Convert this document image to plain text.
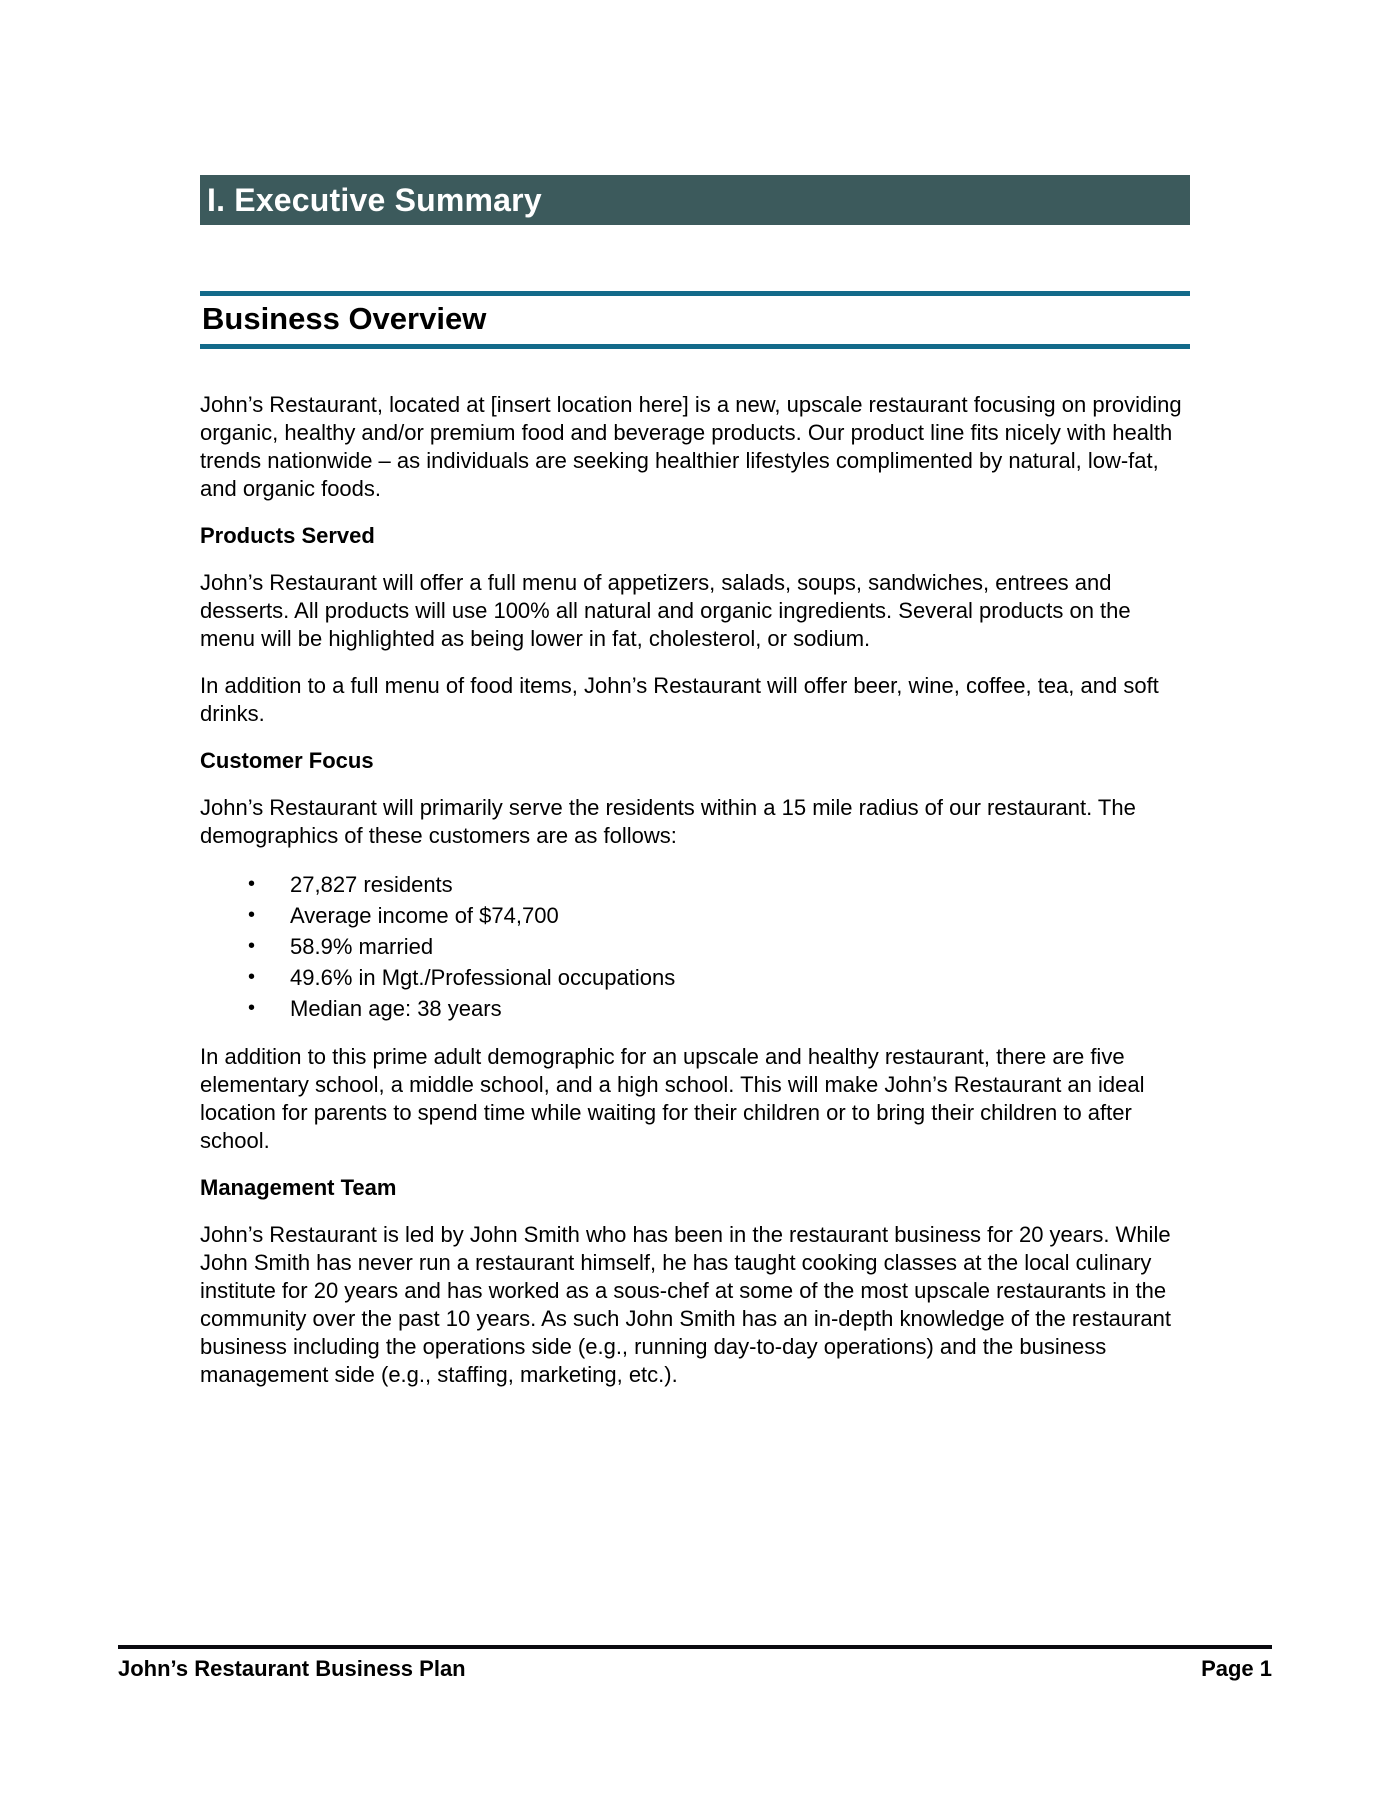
I. Executive Summary
Business Overview

John’s Restaurant, located at [insert location here] is a new, upscale restaurant focusing on providing organic, healthy and/or premium food and beverage products. Our product line fits nicely with health trends nationwide – as individuals are seeking healthier lifestyles complimented by natural, low-fat, and organic foods.

Products Served

John’s Restaurant will offer a full menu of appetizers, salads, soups, sandwiches, entrees and desserts. All products will use 100% all natural and organic ingredients. Several products on the menu will be highlighted as being lower in fat, cholesterol, or sodium.

In addition to a full menu of food items, John’s Restaurant will offer beer, wine, coffee, tea, and soft drinks.

Customer Focus

John’s Restaurant will primarily serve the residents within a 15 mile radius of our restaurant. The demographics of these customers are as follows:

• 27,827 residents
• Average income of $74,700
• 58.9% married
• 49.6% in Mgt./Professional occupations
• Median age: 38 years

In addition to this prime adult demographic for an upscale and healthy restaurant, there are five elementary school, a middle school, and a high school. This will make John’s Restaurant an ideal location for parents to spend time while waiting for their children or to bring their children to after school.

Management Team

John’s Restaurant is led by John Smith who has been in the restaurant business for 20 years. While John Smith has never run a restaurant himself, he has taught cooking classes at the local culinary institute for 20 years and has worked as a sous-chef at some of the most upscale restaurants in the community over the past 10 years. As such John Smith has an in-depth knowledge of the restaurant business including the operations side (e.g., running day-to-day operations) and the business management side (e.g., staffing, marketing, etc.).

John’s Restaurant Business Plan	Page 1
